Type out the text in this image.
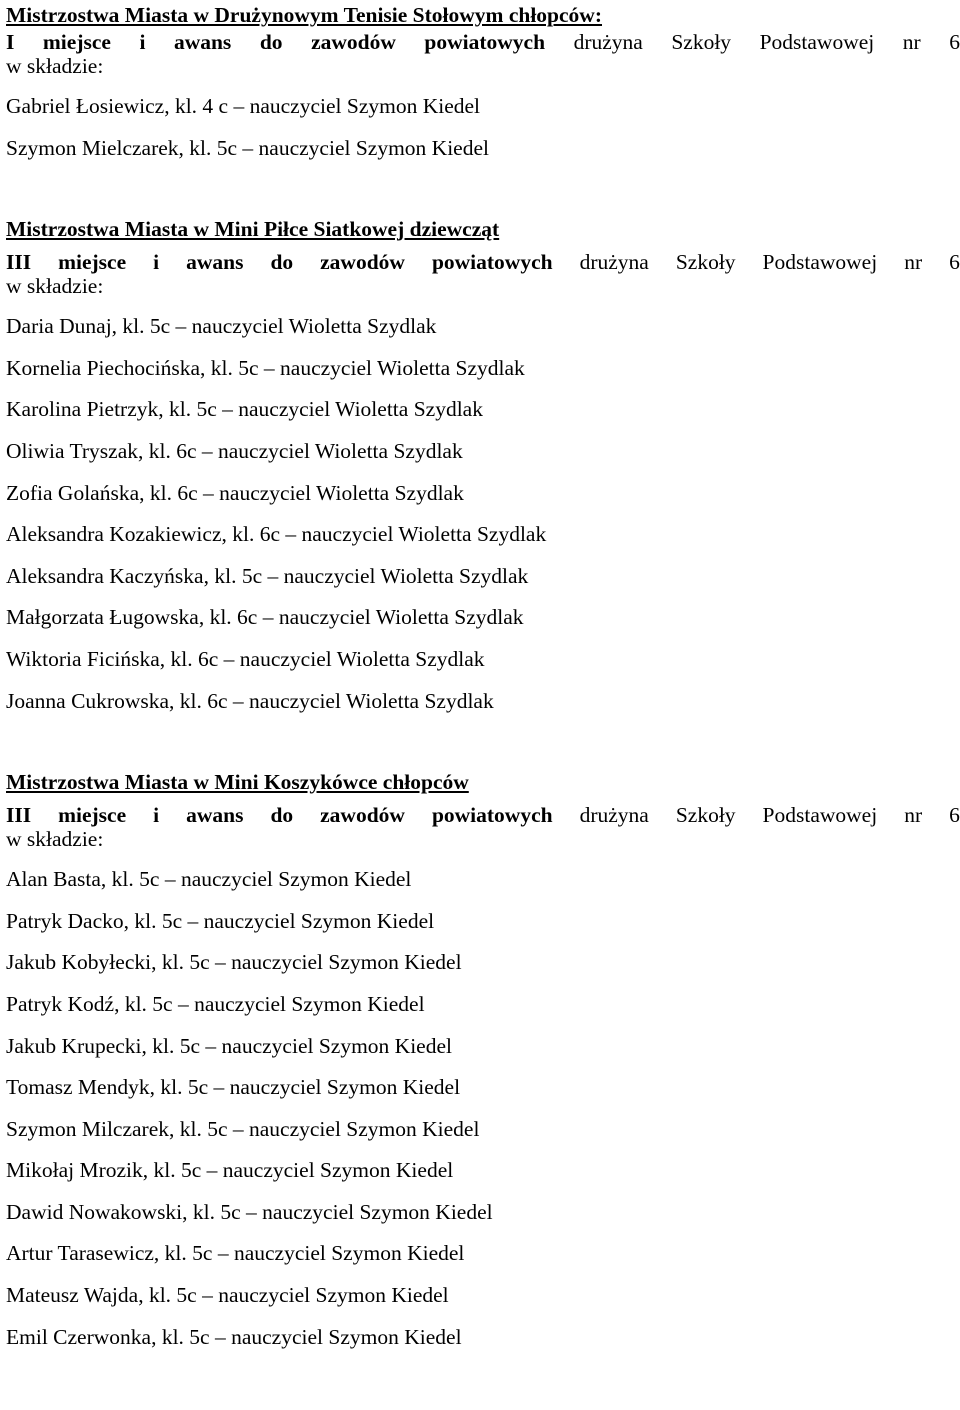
Mistrzostwa Miasta w Drużynowym Tenisie Stołowym chłopców:
I miejsce i awans do zawodów powiatowych drużyna Szkoły Podstawowej nr 6
w składzie:
Gabriel Łosiewicz, kl. 4 c – nauczyciel Szymon Kiedel
Szymon Mielczarek, kl. 5c – nauczyciel Szymon Kiedel
Mistrzostwa Miasta w Mini Piłce Siatkowej dziewcząt
III miejsce i awans do zawodów powiatowych drużyna Szkoły Podstawowej nr 6
w składzie:
Daria Dunaj, kl. 5c – nauczyciel Wioletta Szydlak
Kornelia Piechocińska, kl. 5c – nauczyciel Wioletta Szydlak
Karolina Pietrzyk, kl. 5c – nauczyciel Wioletta Szydlak
Oliwia Tryszak, kl. 6c – nauczyciel Wioletta Szydlak
Zofia Golańska, kl. 6c – nauczyciel Wioletta Szydlak
Aleksandra Kozakiewicz, kl. 6c – nauczyciel Wioletta Szydlak
Aleksandra Kaczyńska, kl. 5c – nauczyciel Wioletta Szydlak
Małgorzata Ługowska, kl. 6c – nauczyciel Wioletta Szydlak
Wiktoria Ficińska, kl. 6c – nauczyciel Wioletta Szydlak
Joanna Cukrowska, kl. 6c – nauczyciel Wioletta Szydlak
Mistrzostwa Miasta w Mini Koszykówce chłopców
III miejsce i awans do zawodów powiatowych drużyna Szkoły Podstawowej nr 6
w składzie:
Alan Basta, kl. 5c – nauczyciel Szymon Kiedel
Patryk Dacko, kl. 5c – nauczyciel Szymon Kiedel
Jakub Kobyłecki, kl. 5c – nauczyciel Szymon Kiedel
Patryk Kodź, kl. 5c – nauczyciel Szymon Kiedel
Jakub Krupecki, kl. 5c – nauczyciel Szymon Kiedel
Tomasz Mendyk, kl. 5c – nauczyciel Szymon Kiedel
Szymon Milczarek, kl. 5c – nauczyciel Szymon Kiedel
Mikołaj Mrozik, kl. 5c – nauczyciel Szymon Kiedel
Dawid Nowakowski, kl. 5c – nauczyciel Szymon Kiedel
Artur Tarasewicz, kl. 5c – nauczyciel Szymon Kiedel
Mateusz Wajda, kl. 5c – nauczyciel Szymon Kiedel
Emil Czerwonka, kl. 5c – nauczyciel Szymon Kiedel
